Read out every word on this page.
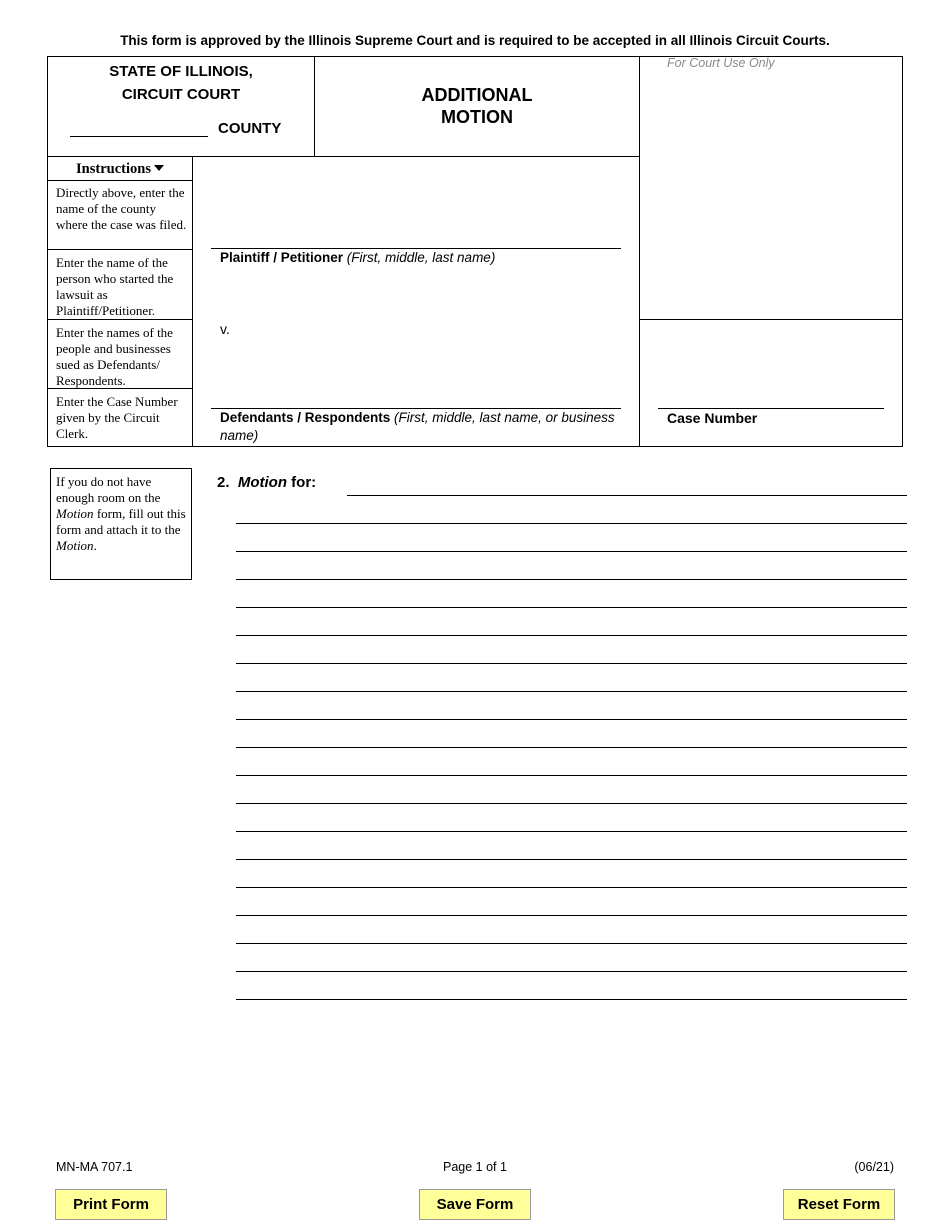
This form is approved by the Illinois Supreme Court and is required to be accepted in all Illinois Circuit Courts.
STATE OF ILLINOIS,
CIRCUIT COURT
COUNTY
ADDITIONAL
MOTION
For Court Use Only
Instructions
Directly above, enter the name of the county where the case was filed.
Enter the name of the person who started the lawsuit as Plaintiff/Petitioner.
Enter the names of the people and businesses sued as Defendants/ Respondents.
Enter the Case Number given by the Circuit Clerk.
Plaintiff / Petitioner (First, middle, last name)
v.
Defendants / Respondents (First, middle, last name, or business name)
Case Number
If you do not have enough room on the Motion form, fill out this form and attach it to the Motion.
2. Motion for:
MN-MA 707.1	Page 1 of 1	(06/21)
Print Form	Save Form	Reset Form
